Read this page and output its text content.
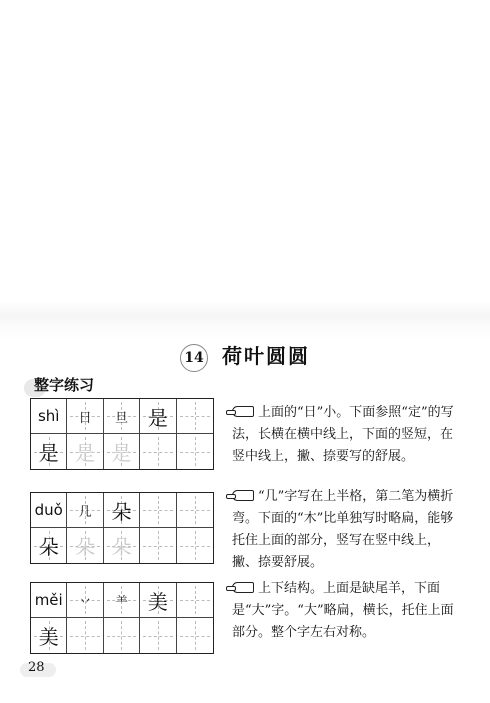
14 荷叶圆圆
整字练习
shì 日 旦 是
是 是 是
上面的“日”小。下面参照“定”的写法，长横在横中线上，下面的竖短，在竖中线上，撇、捺要写的舒展。
duǒ 几 朵
朵 朵 朵
“几”字写在上半格，第二笔为横折弯。下面的“木”比单独写时略扁，能够托住上面的部分，竖写在竖中线上，撇、捺要舒展。
měi 丷 ⺷ 美
美
上下结构。上面是缺尾羊，下面是“大”字。“大”略扁，横长，托住上面部分。整个字左右对称。
28
